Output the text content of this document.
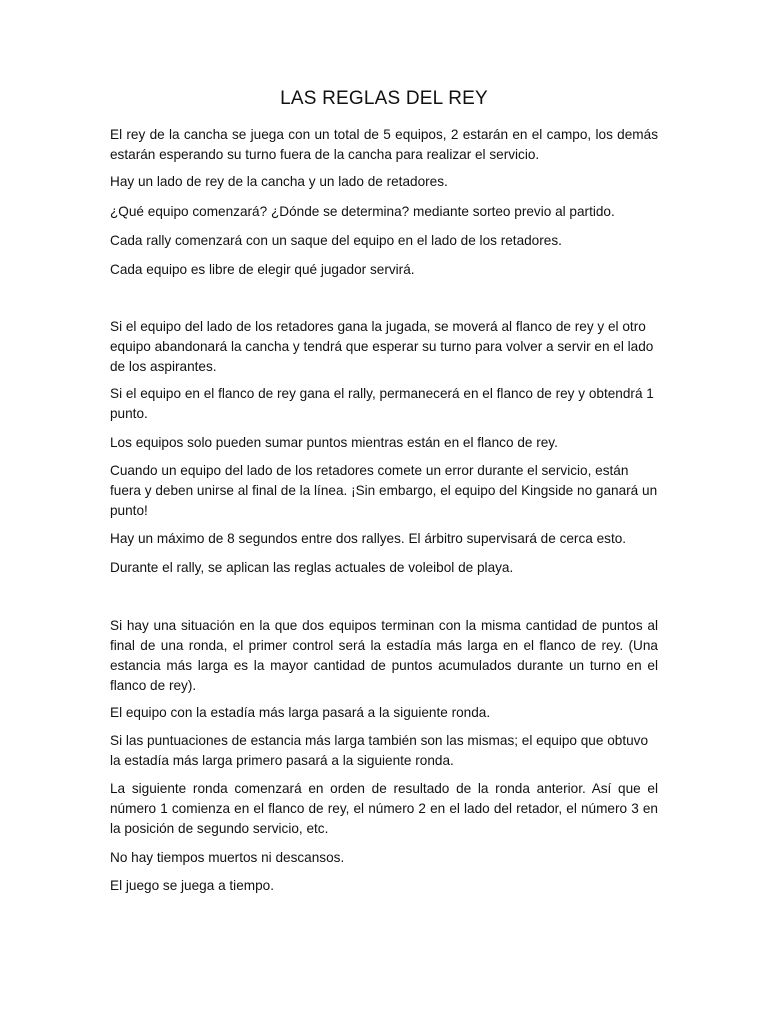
LAS REGLAS DEL REY

El rey de la cancha se juega con un total de 5 equipos, 2 estarán en el campo, los demás estarán esperando su turno fuera de la cancha para realizar el servicio.

Hay un lado de rey de la cancha y un lado de retadores.

¿Qué equipo comenzará? ¿Dónde se determina? mediante sorteo previo al partido.

Cada rally comenzará con un saque del equipo en el lado de los retadores.

Cada equipo es libre de elegir qué jugador servirá.

Si el equipo del lado de los retadores gana la jugada, se moverá al flanco de rey y el otro equipo abandonará la cancha y tendrá que esperar su turno para volver a servir en el lado de los aspirantes.

Si el equipo en el flanco de rey gana el rally, permanecerá en el flanco de rey y obtendrá 1 punto.

Los equipos solo pueden sumar puntos mientras están en el flanco de rey.

Cuando un equipo del lado de los retadores comete un error durante el servicio, están fuera y deben unirse al final de la línea. ¡Sin embargo, el equipo del Kingside no ganará un punto!

Hay un máximo de 8 segundos entre dos rallyes. El árbitro supervisará de cerca esto.

Durante el rally, se aplican las reglas actuales de voleibol de playa.

Si hay una situación en la que dos equipos terminan con la misma cantidad de puntos al final de una ronda, el primer control será la estadía más larga en el flanco de rey. (Una estancia más larga es la mayor cantidad de puntos acumulados durante un turno en el flanco de rey).

El equipo con la estadía más larga pasará a la siguiente ronda.

Si las puntuaciones de estancia más larga también son las mismas; el equipo que obtuvo la estadía más larga primero pasará a la siguiente ronda.

La siguiente ronda comenzará en orden de resultado de la ronda anterior. Así que el número 1 comienza en el flanco de rey, el número 2 en el lado del retador, el número 3 en la posición de segundo servicio, etc.

No hay tiempos muertos ni descansos.

El juego se juega a tiempo.
